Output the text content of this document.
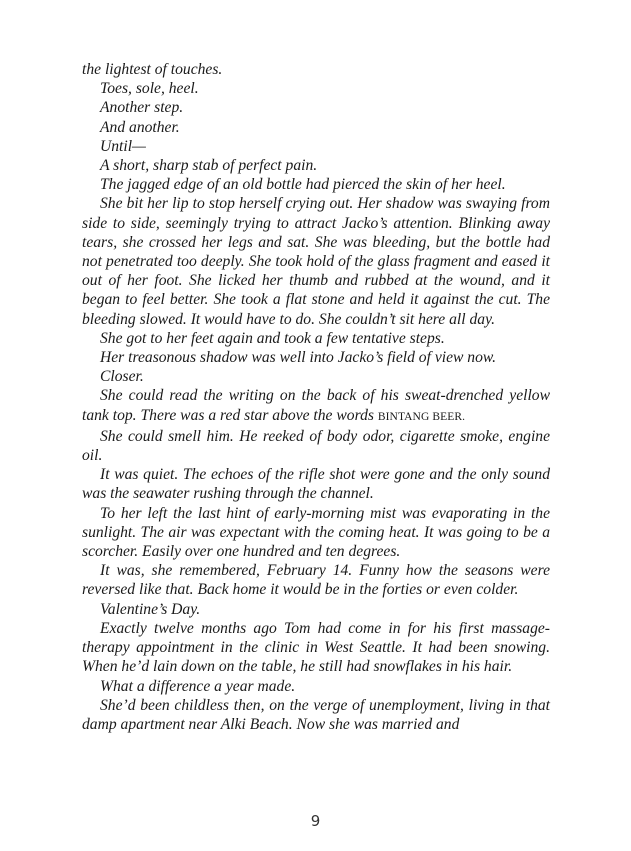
the lightest of touches.

Toes, sole, heel.

Another step.

And another.

Until—

A short, sharp stab of perfect pain.

The jagged edge of an old bottle had pierced the skin of her heel.

She bit her lip to stop herself crying out. Her shadow was swaying from side to side, seemingly trying to attract Jacko’s attention. Blinking away tears, she crossed her legs and sat. She was bleeding, but the bottle had not penetrated too deeply. She took hold of the glass fragment and eased it out of her foot. She licked her thumb and rubbed at the wound, and it began to feel better. She took a flat stone and held it against the cut. The bleeding slowed. It would have to do. She couldn’t sit here all day.

She got to her feet again and took a few tentative steps.

Her treasonous shadow was well into Jacko’s field of view now.

Closer.

She could read the writing on the back of his sweat-drenched yellow tank top. There was a red star above the words BINTANG BEER.

She could smell him. He reeked of body odor, cigarette smoke, engine oil.

It was quiet. The echoes of the rifle shot were gone and the only sound was the seawater rushing through the channel.

To her left the last hint of early-morning mist was evaporating in the sunlight. The air was expectant with the coming heat. It was going to be a scorcher. Easily over one hundred and ten degrees.

It was, she remembered, February 14. Funny how the seasons were reversed like that. Back home it would be in the forties or even colder.

Valentine’s Day.

Exactly twelve months ago Tom had come in for his first massage-therapy appointment in the clinic in West Seattle. It had been snowing. When he’d lain down on the table, he still had snowflakes in his hair.

What a difference a year made.

She’d been childless then, on the verge of unemployment, living in that damp apartment near Alki Beach. Now she was married and

9
